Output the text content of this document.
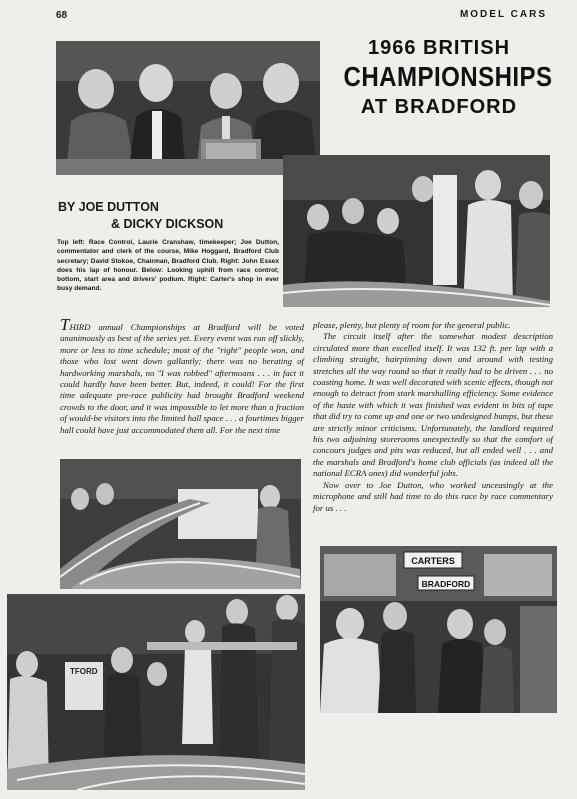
68	MODEL CARS
1966 BRITISH
CHAMPIONSHIPS
AT BRADFORD
BY JOE DUTTON
& DICKY DICKSON
Top left: Race Control, Laurie Cranshaw, timekeeper; Joe Dutton, commentator and clerk of the course, Mike Hoggard, Bradford Club secretary; David Stokoe, Chairman, Bradford Club. Right: John Essex does his lap of honour. Below: Looking uphill from race control; bottom, start area and drivers' podium. Right: Carter's shop in ever busy demand.

THIRD annual Championships at Bradford will be voted unanimously as best of the series yet. Every event was run off slickly, more or less to time schedule; most of the "right" people won, and those who lost went down gallantly; there was no berating of hardworking marshals, no "I was robbed" aftermoans . . . in fact it could hardly have been better. But, indeed, it could! For the first time adequate pre-race publicity had brought Bradford weekend crowds to the door, and it was impossible to let more than a fraction of would-be visitors into the limited hall space . . . a fourtimes bigger hall could have just accommodated them all. For the next time

please, plenty, but plenty of room for the general public.

The circuit itself after the somewhat modest description circulated more than excelled itself. It was 132 ft. per lap with a climbing straight, hairpinning down and around with testing stretches all the way round so that it really had to be driven . . . no coasting home. It was well decorated with scenic effects, though not enough to detract from stark marshalling efficiency. Some evidence of the haste with which it was finished was evident in bits of tape that did try to come up and one or two undesigned bumps, but these are strictly minor criticisms. Unfortunately, the landlord required his two adjoining storerooms unexpectedly so that the comfort of concours judges and pits was reduced, but all ended well . . . and the marshals and Bradford's home club officials (as indeed all the national ECRA ones) did wonderful jobs.

Now over to Joe Dutton, who worked unceasingly at the microphone and still had time to do this race by race commentary for us . . .

TFORD
CARTERS
BRADFORD
